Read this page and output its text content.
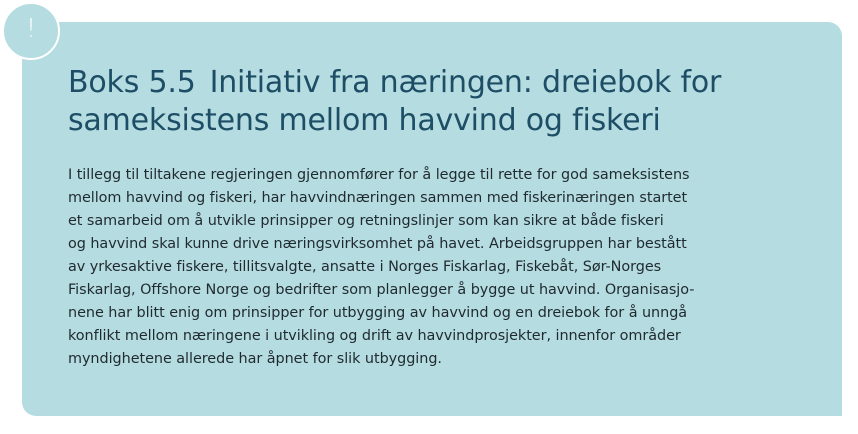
!
Boks 5.5 Initiativ fra næringen: dreiebok for
sameksistens mellom havvind og fiskeri

I tillegg til tiltakene regjeringen gjennomfører for å legge til rette for god sameksistens
mellom havvind og fiskeri, har havvindnæringen sammen med fiskerinæringen startet
et samarbeid om å utvikle prinsipper og retningslinjer som kan sikre at både fiskeri
og havvind skal kunne drive næringsvirksomhet på havet. Arbeidsgruppen har bestått
av yrkesaktive fiskere, tillitsvalgte, ansatte i Norges Fiskarlag, Fiskebåt, Sør-Norges
Fiskarlag, Offshore Norge og bedrifter som planlegger å bygge ut havvind. Organisasjo-
nene har blitt enig om prinsipper for utbygging av havvind og en dreiebok for å unngå
konflikt mellom næringene i utvikling og drift av havvindprosjekter, innenfor områder
myndighetene allerede har åpnet for slik utbygging.
